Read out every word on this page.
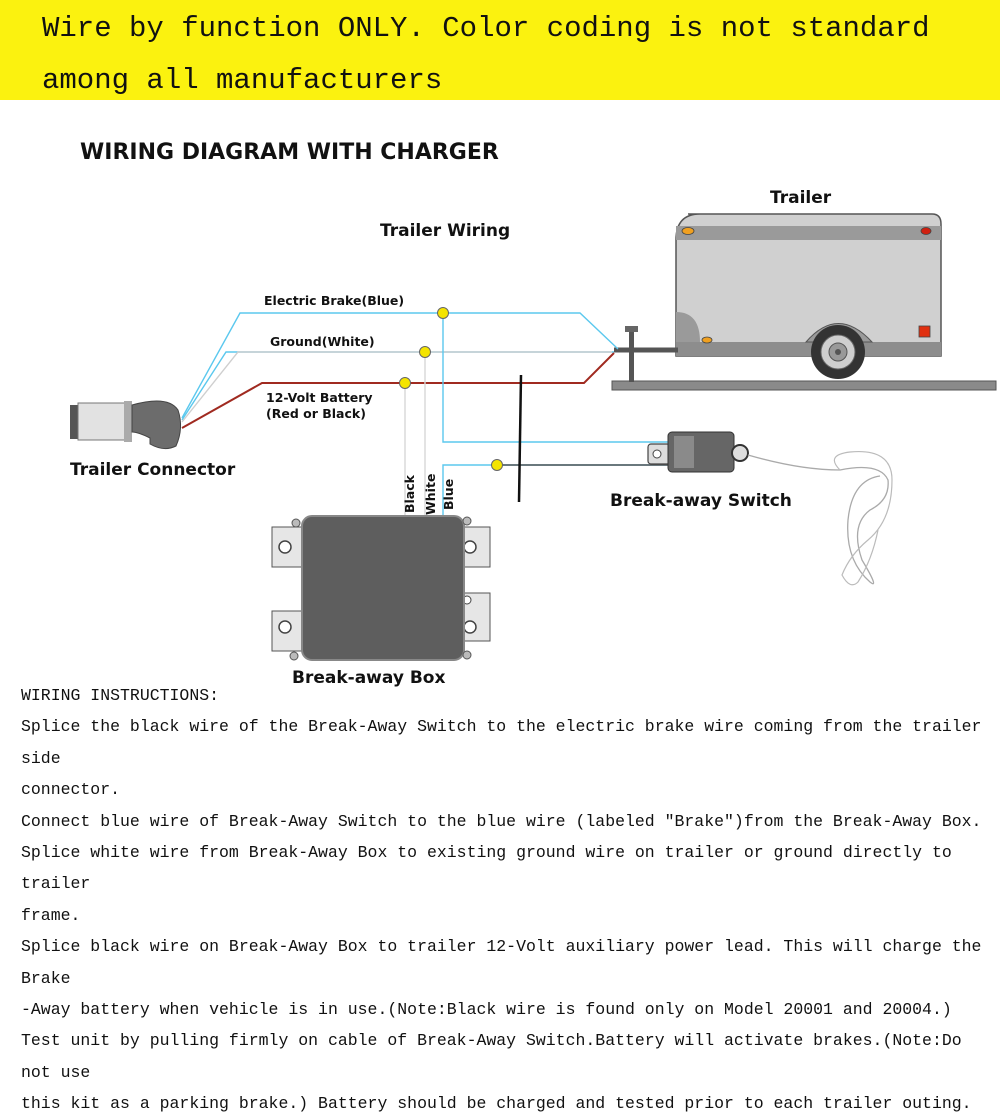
Wire by function ONLY. Color coding is not standard
among all manufacturers
WIRING DIAGRAM WITH CHARGER
Trailer
Trailer Wiring
Electric Brake(Blue)
Ground(White)
12-Volt Battery
(Red or Black)
Trailer Connector
Break-away Switch
Break-away Box
Black White Blue
WIRING INSTRUCTIONS:
Splice the black wire of the Break-Away Switch to the electric brake wire coming from the trailer side
connector.
Connect blue wire of Break-Away Switch to the blue wire (labeled "Brake")from the Break-Away Box.
Splice white wire from Break-Away Box to existing ground wire on trailer or ground directly to trailer
frame.
Splice black wire on Break-Away Box to trailer 12-Volt auxiliary power lead. This will charge the Brake
-Away battery when vehicle is in use.(Note:Black wire is found only on Model 20001 and 20004.)
Test unit by pulling firmly on cable of Break-Away Switch.Battery will activate brakes.(Note:Do not use
this kit as a parking brake.) Battery should be charged and tested prior to each trailer outing.
